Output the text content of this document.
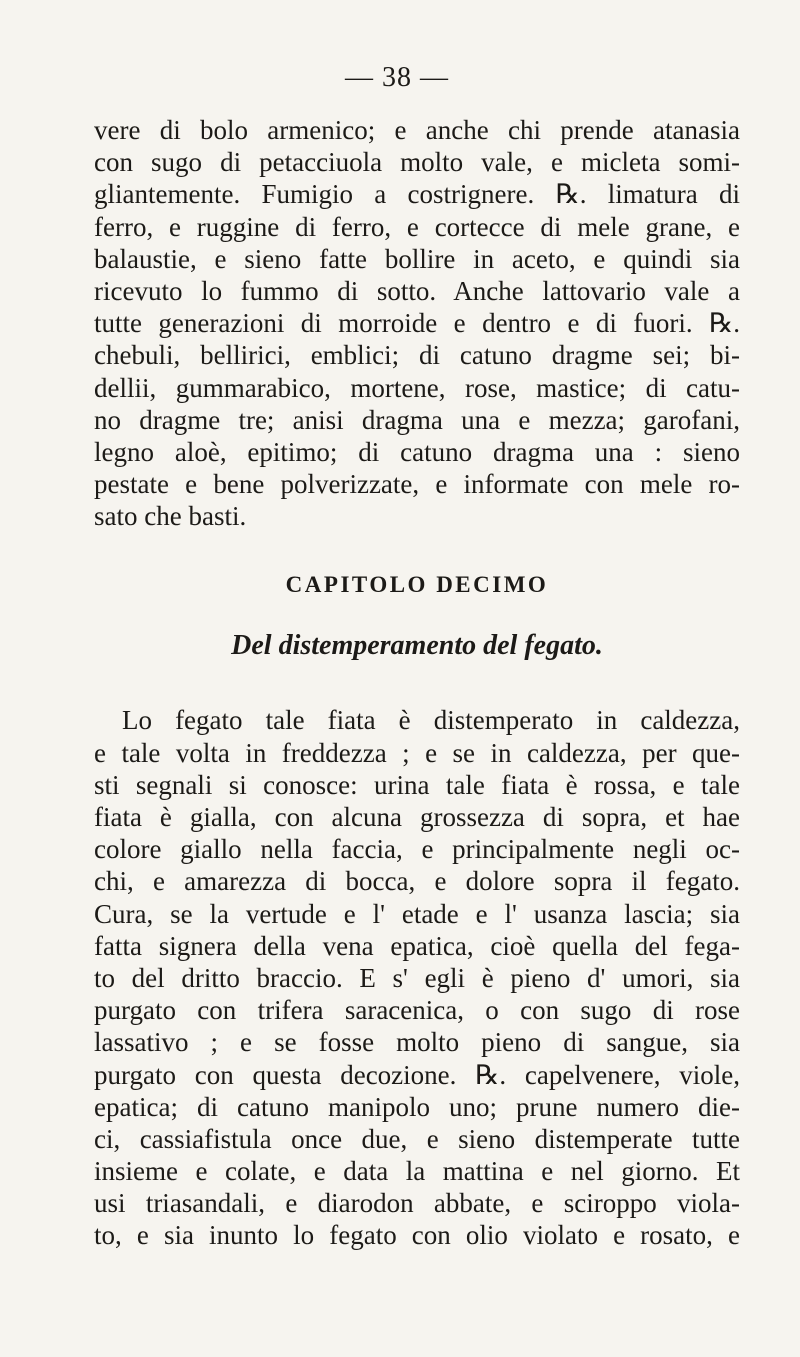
— 38 —
vere di bolo armenico; e anche chi prende atanasia
con sugo di petacciuola molto vale, e micleta somi-
gliantemente. Fumigio a costrignere. ℞. limatura di
ferro, e ruggine di ferro, e cortecce di mele grane, e
balaustie, e sieno fatte bollire in aceto, e quindi sia
ricevuto lo fummo di sotto. Anche lattovario vale a
tutte generazioni di morroide e dentro e di fuori. ℞.
chebuli, bellirici, emblici; di catuno dragme sei; bi-
dellii, gummarabico, mortene, rose, mastice; di catu-
no dragme tre; anisi dragma una e mezza; garofani,
legno aloè, epitimo; di catuno dragma una : sieno
pestate e bene polverizzate, e informate con mele ro-
sato che basti.
CAPITOLO DECIMO
Del distemperamento del fegato.
Lo fegato tale fiata è distemperato in caldezza,
e tale volta in freddezza ; e se in caldezza, per que-
sti segnali si conosce: urina tale fiata è rossa, e tale
fiata è gialla, con alcuna grossezza di sopra, et hae
colore giallo nella faccia, e principalmente negli oc-
chi, e amarezza di bocca, e dolore sopra il fegato.
Cura, se la vertude e l' etade e l' usanza lascia; sia
fatta signera della vena epatica, cioè quella del fega-
to del dritto braccio. E s' egli è pieno d' umori, sia
purgato con trifera saracenica, o con sugo di rose
lassativo ; e se fosse molto pieno di sangue, sia
purgato con questa decozione. ℞. capelvenere, viole,
epatica; di catuno manipolo uno; prune numero die-
ci, cassiafistula once due, e sieno distemperate tutte
insieme e colate, e data la mattina e nel giorno. Et
usi triasandali, e diarodon abbate, e sciroppo viola-
to, e sia inunto lo fegato con olio violato e rosato, e
